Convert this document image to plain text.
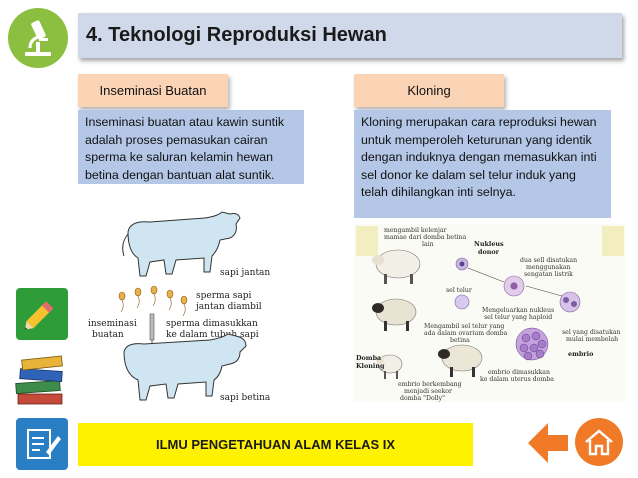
4. Teknologi Reproduksi Hewan
Inseminasi Buatan	Kloning
Inseminasi buatan atau kawin suntik adalah proses pemasukan cairan sperma ke saluran kelamin hewan betina dengan bantuan alat suntik.
Kloning merupakan cara reproduksi hewan untuk memperoleh keturunan yang identik dengan induknya dengan memasukkan inti sel donor ke dalam sel telur induk yang telah dihilangkan inti selnya.
sapi jantan
sperma sapi
jantan diambil
inseminasi
buatan
sperma dimasukkan
ke dalam tubuh sapi
sapi betina
mengambil kelenjar
mamae dari domba betina
lain	Nukleus
donor
dua sell disatukan
menggunakan
sengatan listrik
sel telur
Mengeluarkan nukleus
sel telur yang haploid
Mengambil sel telur yang
ada dalam ovarium domba
betina
sel yang disatukan
mulai membelah
embrio
embrio dimasukkan
ke dalam uterus domba
Domba
Kloning
embrio berkembang
menjadi seekor
domba "Dolly"
ILMU PENGETAHUAN ALAM KELAS IX
